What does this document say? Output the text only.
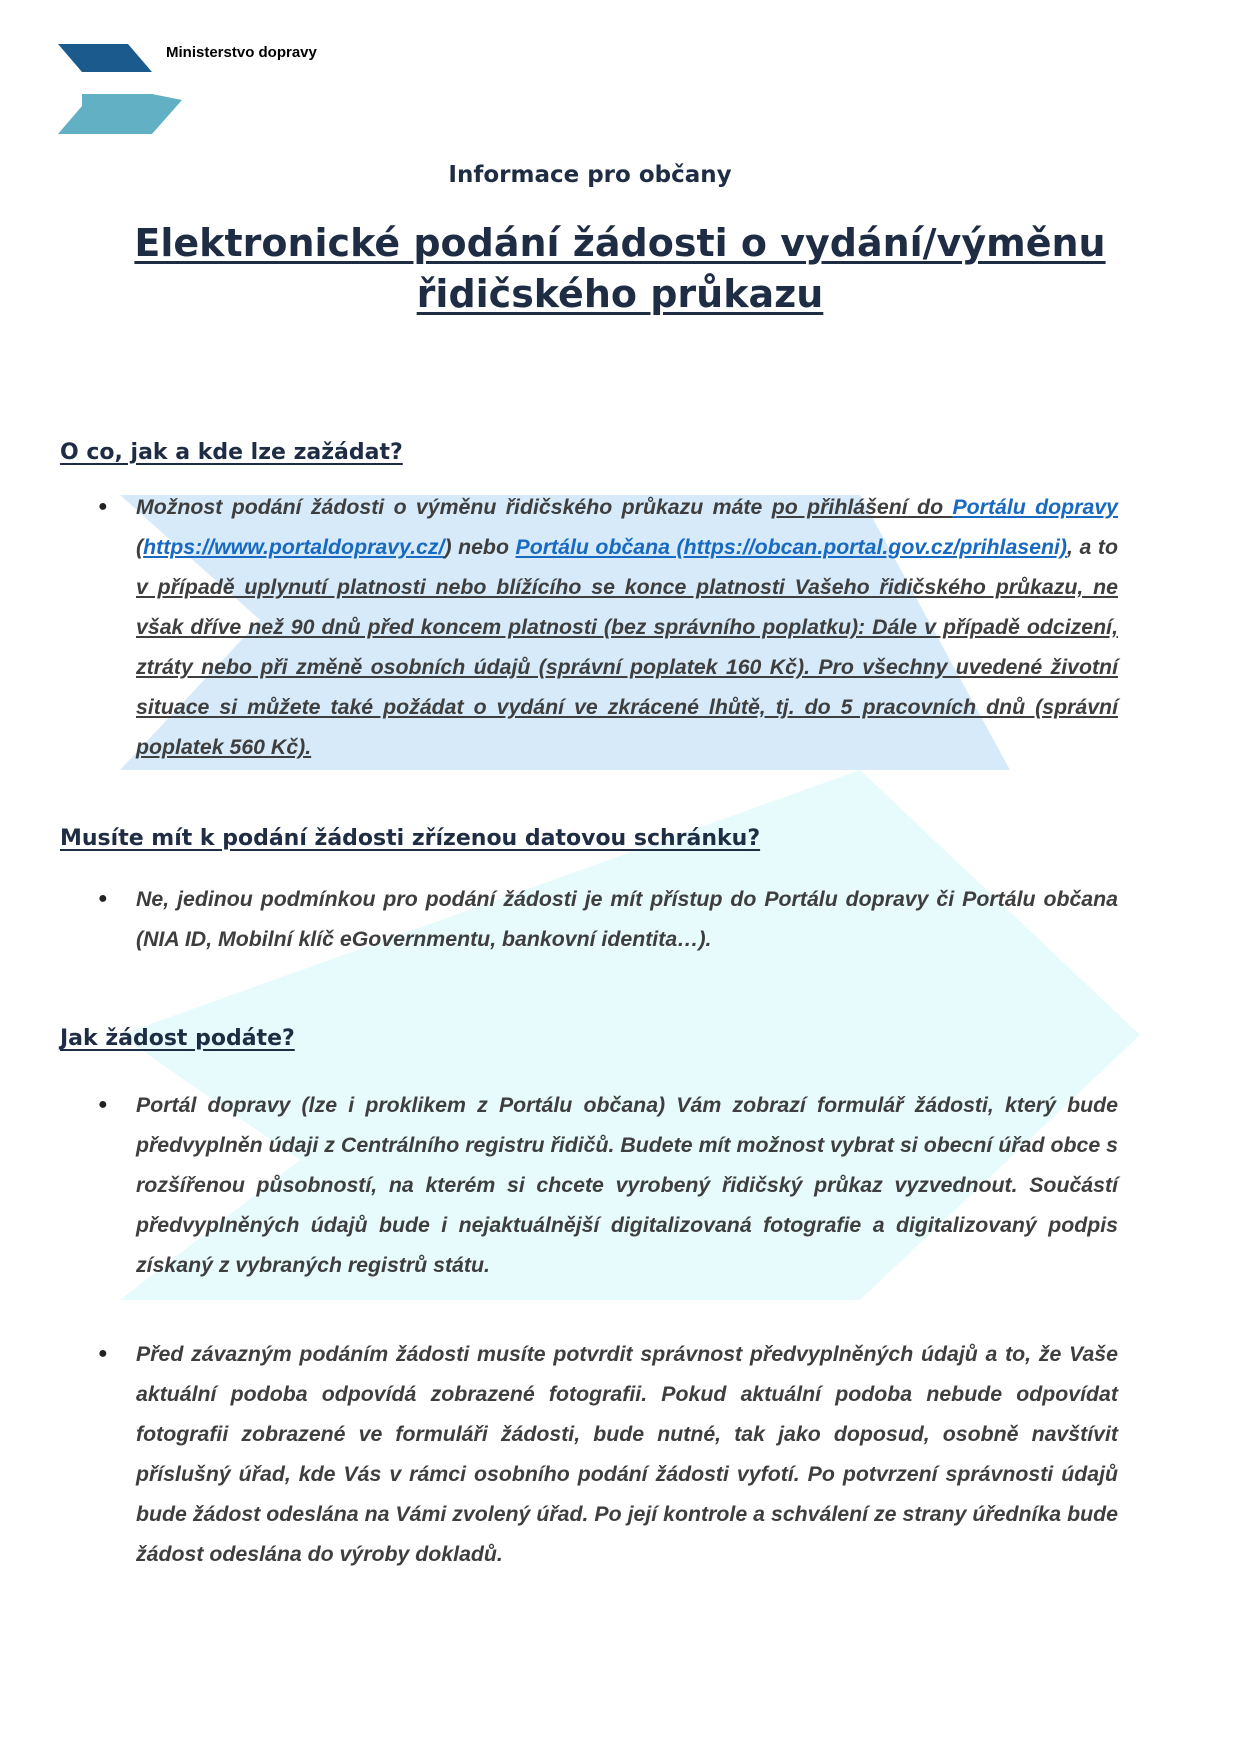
Ministerstvo dopravy
Informace pro občany
Elektronické podání žádosti o vydání/výměnu řidičského průkazu
O co, jak a kde lze zažádat?
● Možnost podání žádosti o výměnu řidičského průkazu máte po přihlášení do Portálu dopravy (https://www.portaldopravy.cz/) nebo Portálu občana (https://obcan.portal.gov.cz/prihlaseni), a to v případě uplynutí platnosti nebo blížícího se konce platnosti Vašeho řidičského průkazu, ne však dříve než 90 dnů před koncem platnosti (bez správního poplatku): Dále v případě odcizení, ztráty nebo při změně osobních údajů (správní poplatek 160 Kč). Pro všechny uvedené životní situace si můžete také požádat o vydání ve zkrácené lhůtě, tj. do 5 pracovních dnů (správní poplatek 560 Kč).
Musíte mít k podání žádosti zřízenou datovou schránku?
● Ne, jedinou podmínkou pro podání žádosti je mít přístup do Portálu dopravy či Portálu občana (NIA ID, Mobilní klíč eGovernmentu, bankovní identita…).
Jak žádost podáte?
● Portál dopravy (lze i proklikem z Portálu občana) Vám zobrazí formulář žádosti, který bude předvyplněn údaji z Centrálního registru řidičů. Budete mít možnost vybrat si obecní úřad obce s rozšířenou působností, na kterém si chcete vyrobený řidičský průkaz vyzvednout. Součástí předvyplněných údajů bude i nejaktuálnější digitalizovaná fotografie a digitalizovaný podpis získaný z vybraných registrů státu.
● Před závazným podáním žádosti musíte potvrdit správnost předvyplněných údajů a to, že Vaše aktuální podoba odpovídá zobrazené fotografii. Pokud aktuální podoba nebude odpovídat fotografii zobrazené ve formuláři žádosti, bude nutné, tak jako doposud, osobně navštívit příslušný úřad, kde Vás v rámci osobního podání žádosti vyfotí. Po potvrzení správnosti údajů bude žádost odeslána na Vámi zvolený úřad. Po její kontrole a schválení ze strany úředníka bude žádost odeslána do výroby dokladů.
